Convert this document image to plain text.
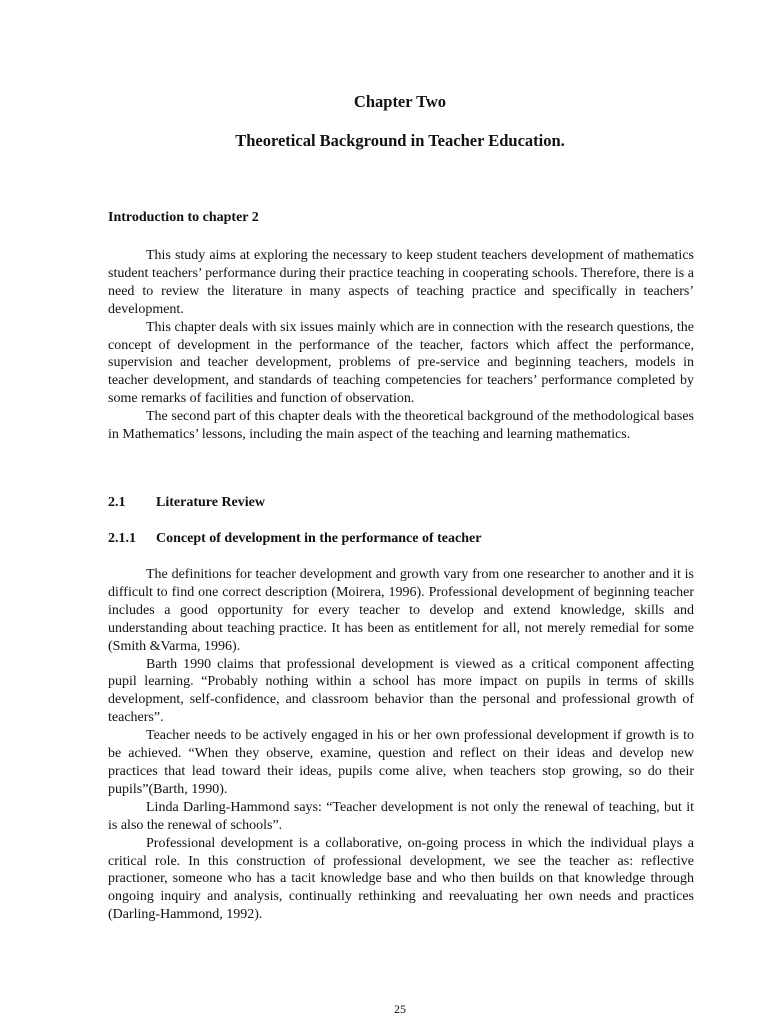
Chapter Two
Theoretical Background in Teacher Education.
Introduction to chapter 2

This study aims at exploring the necessary to keep student teachers development of mathematics student teachers’ performance during their practice teaching in cooperating schools. Therefore, there is a need to review the literature in many aspects of teaching practice and specifically in teachers’ development.

This chapter deals with six issues mainly which are in connection with the research questions, the concept of development in the performance of the teacher, factors which affect the performance, supervision and teacher development, problems of pre-service and beginning teachers, models in teacher development, and standards of teaching competencies for teachers’ performance completed by some remarks of facilities and function of observation.

The second part of this chapter deals with the theoretical background of the methodological bases in Mathematics’ lessons, including the main aspect of the teaching and learning mathematics.

2.1 Literature Review
2.1.1 Concept of development in the performance of teacher

The definitions for teacher development and growth vary from one researcher to another and it is difficult to find one correct description (Moirera, 1996). Professional development of beginning teacher includes a good opportunity for every teacher to develop and extend knowledge, skills and understanding about teaching practice. It has been as entitlement for all, not merely remedial for some (Smith &Varma, 1996).

Barth 1990 claims that professional development is viewed as a critical component affecting pupil learning. “Probably nothing within a school has more impact on pupils in terms of skills development, self-confidence, and classroom behavior than the personal and professional growth of teachers”.

Teacher needs to be actively engaged in his or her own professional development if growth is to be achieved. “When they observe, examine, question and reflect on their ideas and develop new practices that lead toward their ideas, pupils come alive, when teachers stop growing, so do their pupils”(Barth, 1990).

Linda Darling-Hammond says: “Teacher development is not only the renewal of teaching, but it is also the renewal of schools”.

Professional development is a collaborative, on-going process in which the individual plays a critical role. In this construction of professional development, we see the teacher as: reflective practioner, someone who has a tacit knowledge base and who then builds on that knowledge through ongoing inquiry and analysis, continually rethinking and reevaluating her own needs and practices (Darling-Hammond, 1992).

25
